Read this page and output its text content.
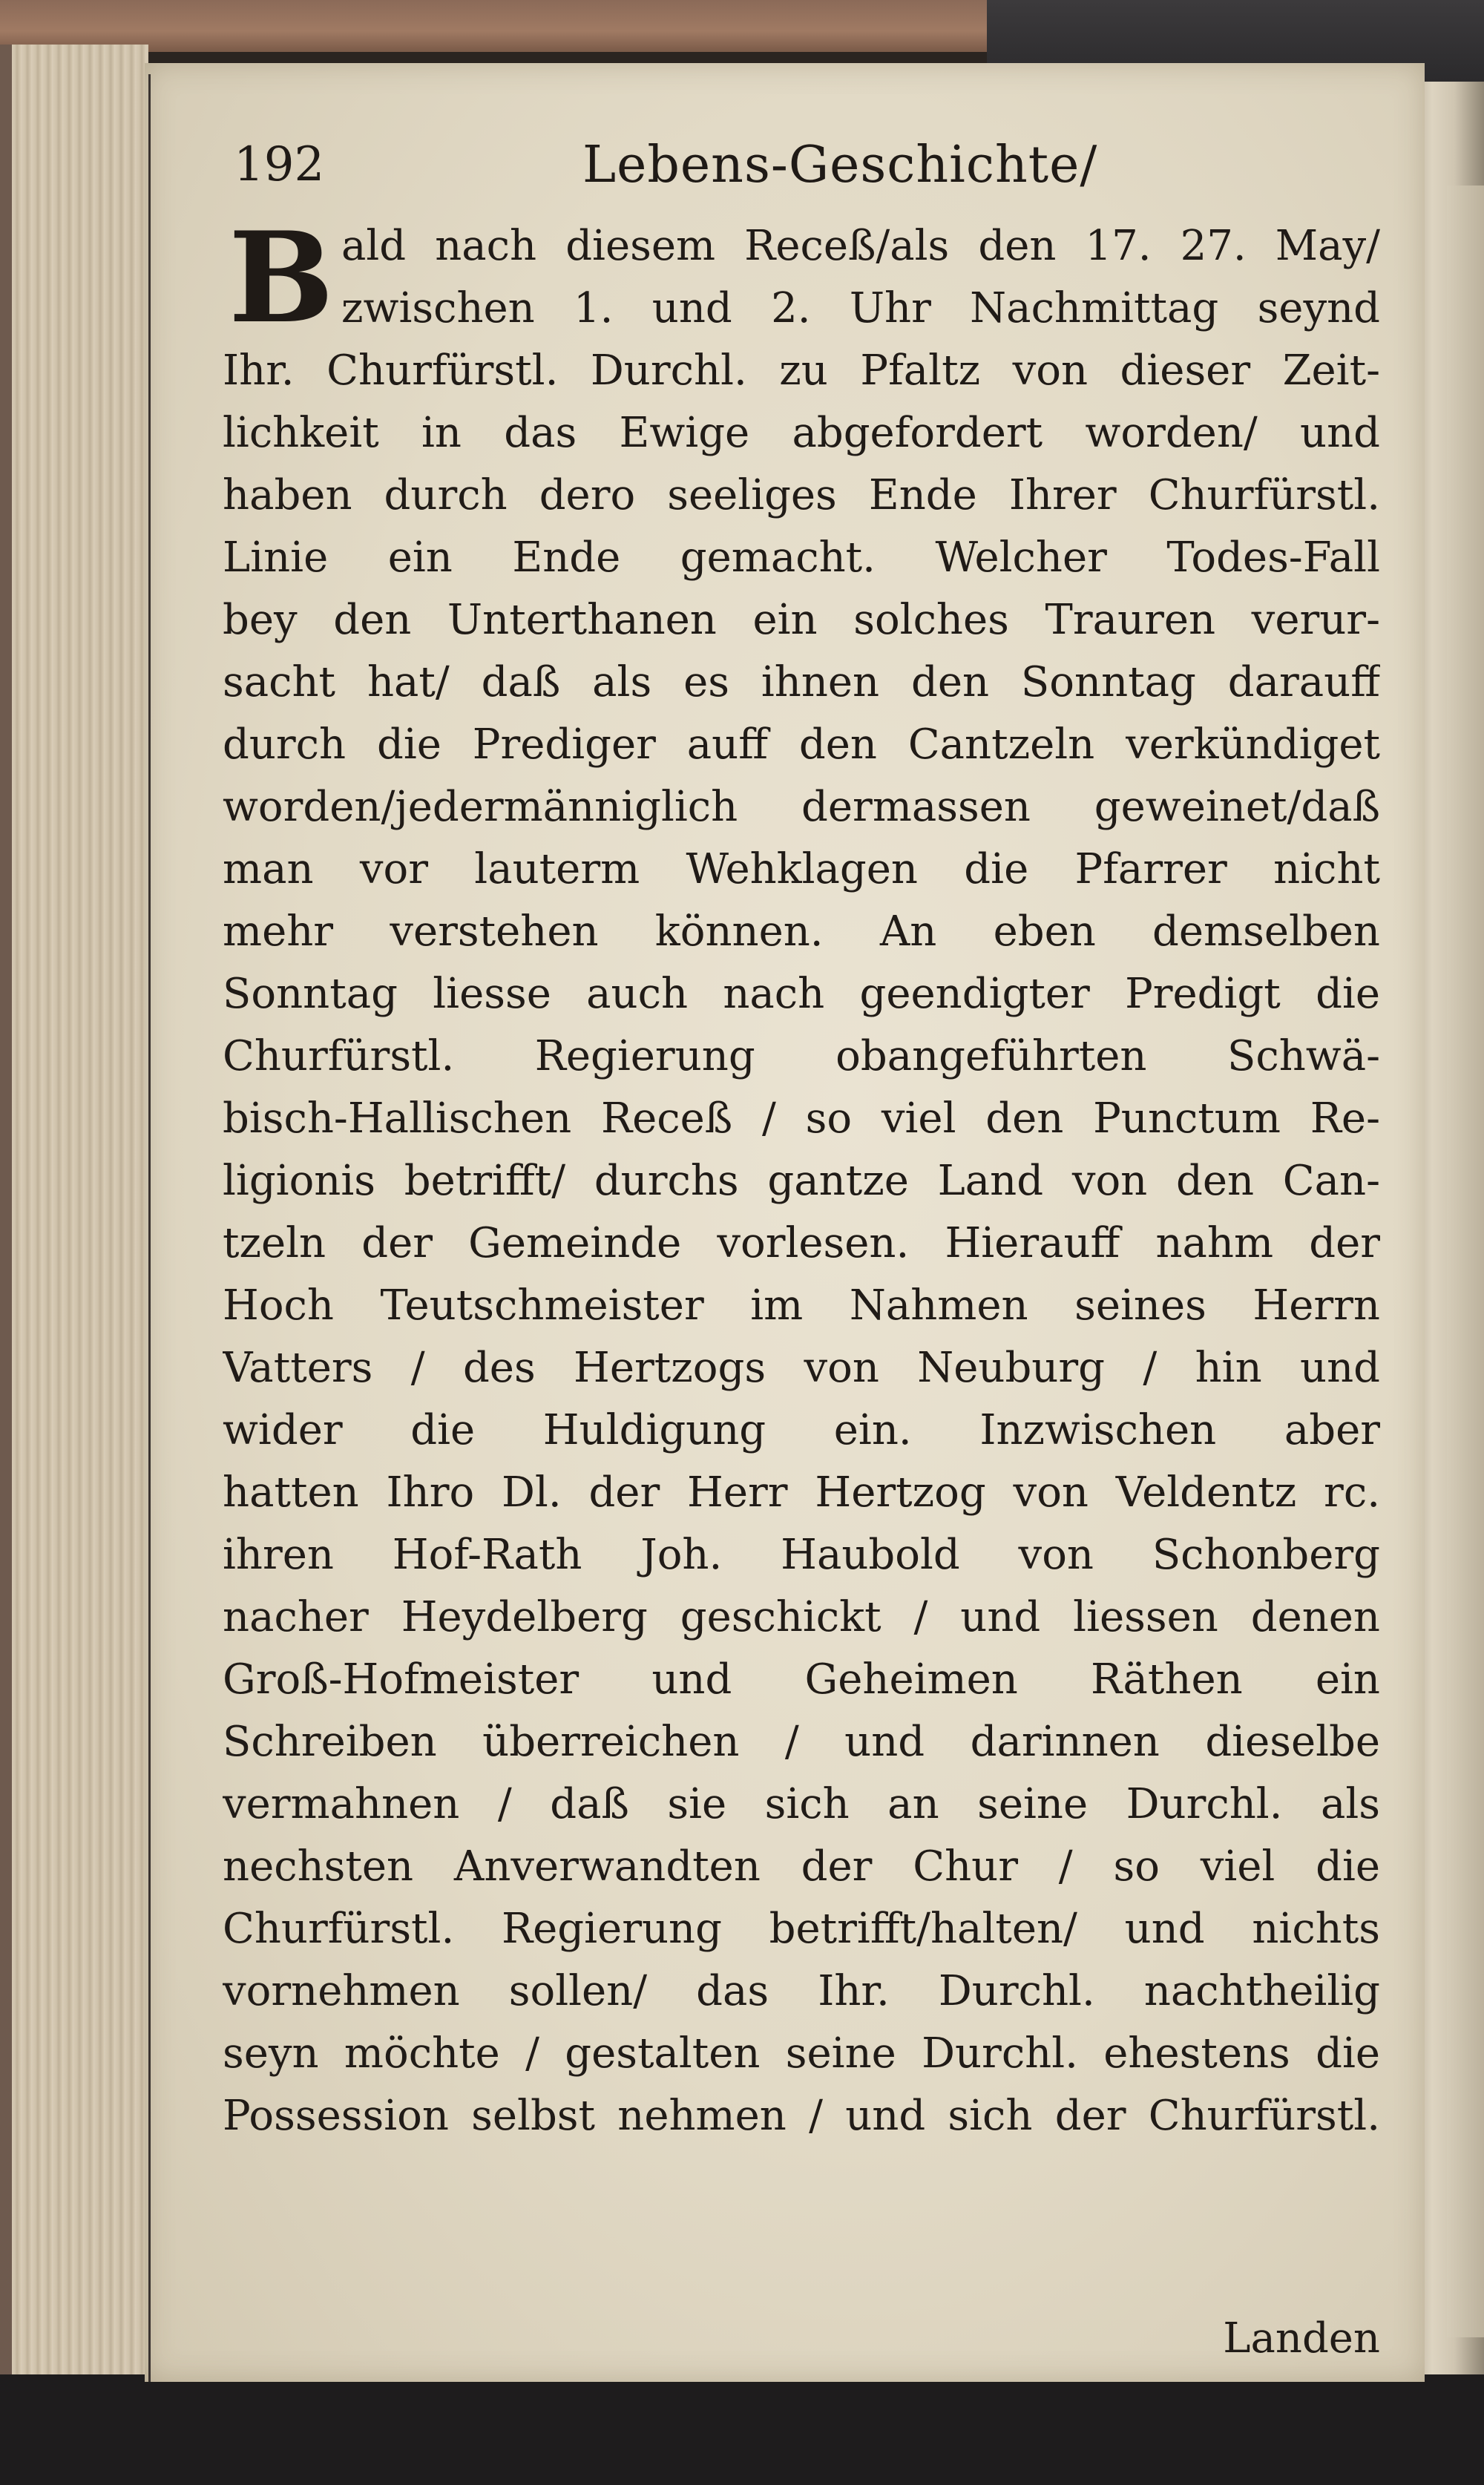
192	Lebens-Geschichte/
B ald nach diesem Receß/als den 17. 27. May/
zwischen 1. und 2. Uhr Nachmittag seynd
Ihr. Churfürstl. Durchl. zu Pfaltz von dieser Zeit-
lichkeit in das Ewige abgefordert worden/ und
haben durch dero seeliges Ende Ihrer Churfürstl.
Linie ein Ende gemacht. Welcher Todes-Fall
bey den Unterthanen ein solches Trauren verur-
sacht hat/ daß als es ihnen den Sonntag darauff
durch die Prediger auff den Cantzeln verkündiget
worden/jedermänniglich dermassen geweinet/daß
man vor lauterm Wehklagen die Pfarrer nicht
mehr verstehen können. An eben demselben
Sonntag liesse auch nach geendigter Predigt die
Churfürstl. Regierung obangeführten Schwä-
bisch-Hallischen Receß / so viel den Punctum Re-
ligionis betrifft/ durchs gantze Land von den Can-
tzeln der Gemeinde vorlesen. Hierauff nahm der
Hoch Teutschmeister im Nahmen seines Herrn
Vatters / des Hertzogs von Neuburg / hin und
wider die Huldigung ein. Inzwischen aber
hatten Ihro Dl. der Herr Hertzog von Veldentz rc.
ihren Hof-Rath Joh. Haubold von Schonberg
nacher Heydelberg geschickt / und liessen denen
Groß-Hofmeister und Geheimen Räthen ein
Schreiben überreichen / und darinnen dieselbe
vermahnen / daß sie sich an seine Durchl. als
nechsten Anverwandten der Chur / so viel die
Churfürstl. Regierung betrifft/halten/ und nichts
vornehmen sollen/ das Ihr. Durchl. nachtheilig
seyn möchte / gestalten seine Durchl. ehestens die
Possession selbst nehmen / und sich der Churfürstl.
Landen
